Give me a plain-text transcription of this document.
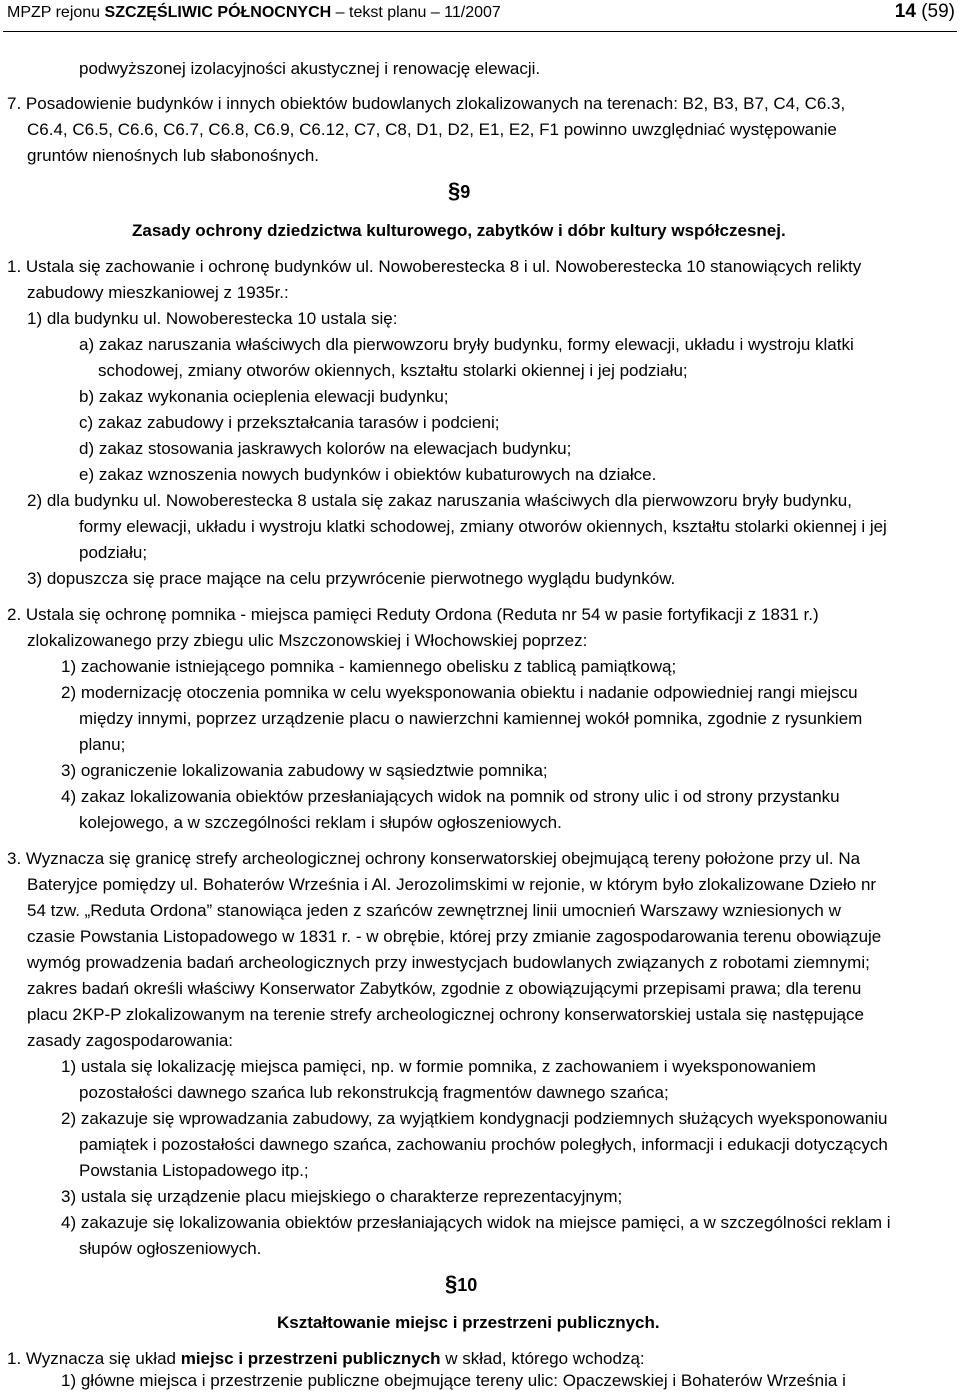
MPZP rejonu SZCZĘŚLIWIC PÓŁNOCNYCH – tekst planu – 11/2007	14 (59)
podwyższonej izolacyjności akustycznej i renowację elewacji.
7. Posadowienie budynków i innych obiektów budowlanych zlokalizowanych na terenach: B2, B3, B7, C4, C6.3,
C6.4, C6.5, C6.6, C6.7, C6.8, C6.9, C6.12, C7, C8, D1, D2, E1, E2, F1 powinno uwzględniać występowanie
gruntów nienośnych lub słabonośnych.
§9
Zasady ochrony dziedzictwa kulturowego, zabytków i dóbr kultury współczesnej.
1. Ustala się zachowanie i ochronę budynków ul. Nowoberestecka 8 i ul. Nowoberestecka 10 stanowiących relikty
zabudowy mieszkaniowej z 1935r.:
1) dla budynku ul. Nowoberestecka 10 ustala się:
a) zakaz naruszania właściwych dla pierwowzoru bryły budynku, formy elewacji, układu i wystroju klatki
schodowej, zmiany otworów okiennych, kształtu stolarki okiennej i jej podziału;
b) zakaz wykonania ocieplenia elewacji budynku;
c) zakaz zabudowy i przekształcania tarasów i podcieni;
d) zakaz stosowania jaskrawych kolorów na elewacjach budynku;
e) zakaz wznoszenia nowych budynków i obiektów kubaturowych na działce.
2) dla budynku ul. Nowoberestecka 8 ustala się zakaz naruszania właściwych dla pierwowzoru bryły budynku,
formy elewacji, układu i wystroju klatki schodowej, zmiany otworów okiennych, kształtu stolarki okiennej i jej
podziału;
3) dopuszcza się prace mające na celu przywrócenie pierwotnego wyglądu budynków.
2. Ustala się ochronę pomnika - miejsca pamięci Reduty Ordona (Reduta nr 54 w pasie fortyfikacji z 1831 r.)
zlokalizowanego przy zbiegu ulic Mszczonowskiej i Włochowskiej poprzez:
1) zachowanie istniejącego pomnika - kamiennego obelisku z tablicą pamiątkową;
2) modernizację otoczenia pomnika w celu wyeksponowania obiektu i nadanie odpowiedniej rangi miejscu
między innymi, poprzez urządzenie placu o nawierzchni kamiennej wokół pomnika, zgodnie z rysunkiem
planu;
3) ograniczenie lokalizowania zabudowy w sąsiedztwie pomnika;
4) zakaz lokalizowania obiektów przesłaniających widok na pomnik od strony ulic i od strony przystanku
kolejowego, a w szczególności reklam i słupów ogłoszeniowych.
3. Wyznacza się granicę strefy archeologicznej ochrony konserwatorskiej obejmującą tereny położone przy ul. Na
Bateryjce pomiędzy ul. Bohaterów Września i Al. Jerozolimskimi w rejonie, w którym było zlokalizowane Dzieło nr
54 tzw. „Reduta Ordona” stanowiąca jeden z szańców zewnętrznej linii umocnień Warszawy wzniesionych w
czasie Powstania Listopadowego w 1831 r. - w obrębie, której przy zmianie zagospodarowania terenu obowiązuje
wymóg prowadzenia badań archeologicznych przy inwestycjach budowlanych związanych z robotami ziemnymi;
zakres badań określi właściwy Konserwator Zabytków, zgodnie z obowiązującymi przepisami prawa; dla terenu
placu 2KP-P zlokalizowanym na terenie strefy archeologicznej ochrony konserwatorskiej ustala się następujące
zasady zagospodarowania:
1) ustala się lokalizację miejsca pamięci, np. w formie pomnika, z zachowaniem i wyeksponowaniem
pozostałości dawnego szańca lub rekonstrukcją fragmentów dawnego szańca;
2) zakazuje się wprowadzania zabudowy, za wyjątkiem kondygnacji podziemnych służących wyeksponowaniu
pamiątek i pozostałości dawnego szańca, zachowaniu prochów poległych, informacji i edukacji dotyczących
Powstania Listopadowego itp.;
3) ustala się urządzenie placu miejskiego o charakterze reprezentacyjnym;
4) zakazuje się lokalizowania obiektów przesłaniających widok na miejsce pamięci, a w szczególności reklam i
słupów ogłoszeniowych.
§10
Kształtowanie miejsc i przestrzeni publicznych.
1. Wyznacza się układ miejsc i przestrzeni publicznych w skład, którego wchodzą:
1) główne miejsca i przestrzenie publiczne obejmujące tereny ulic: Opaczewskiej i Bohaterów Września i
